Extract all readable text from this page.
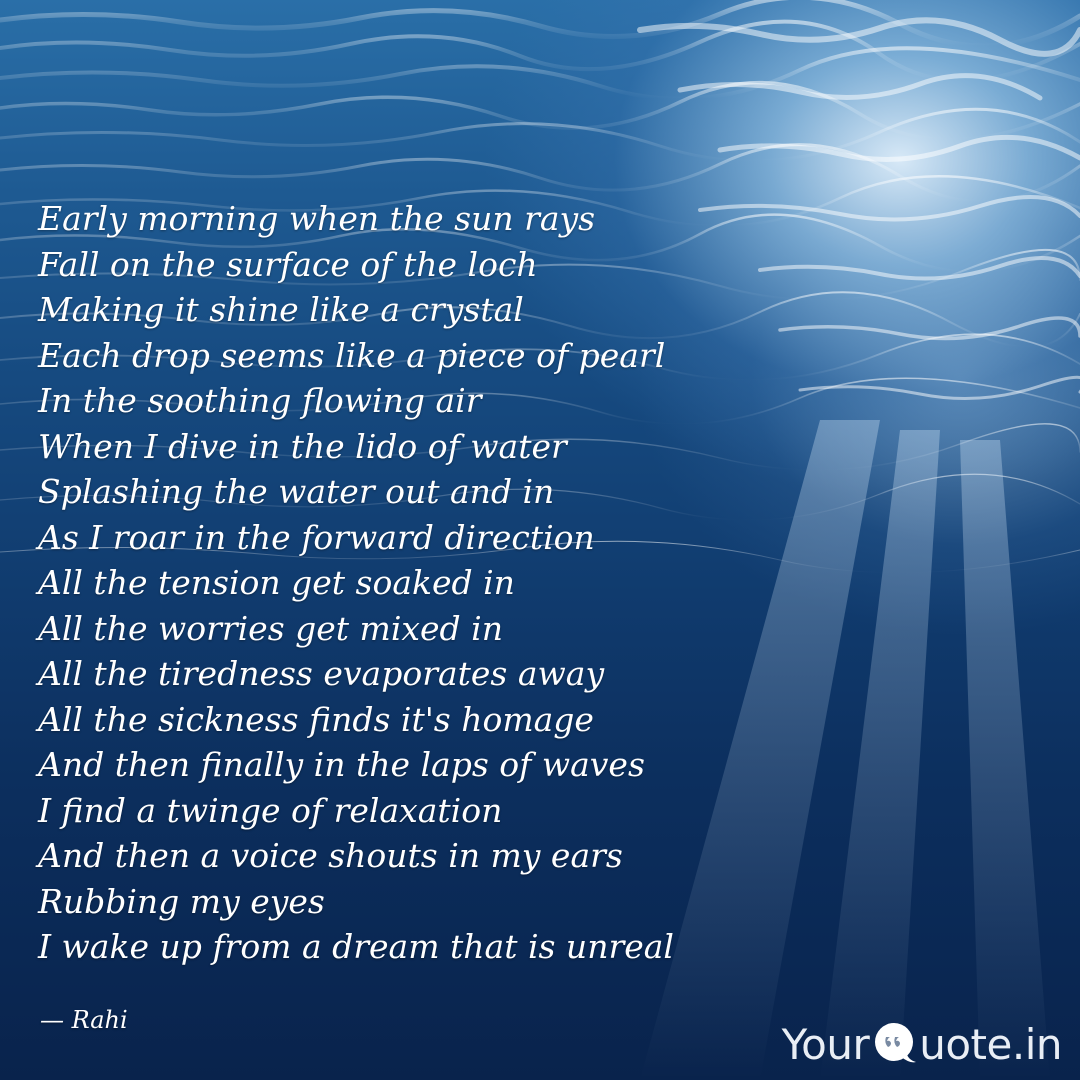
Early morning when the sun rays
Fall on the surface of the loch
Making it shine like a crystal
Each drop seems like a piece of pearl
In the soothing flowing air
When I dive in the lido of water
Splashing the water out and in
As I roar in the forward direction
All the tension get soaked in
All the worries get mixed in
All the tiredness evaporates away
All the sickness finds it's homage
And then finally in the laps of waves
I find a twinge of relaxation
And then a voice shouts in my ears
Rubbing my eyes
I wake up from a dream that is unreal
— Rahi	Your uote.in
